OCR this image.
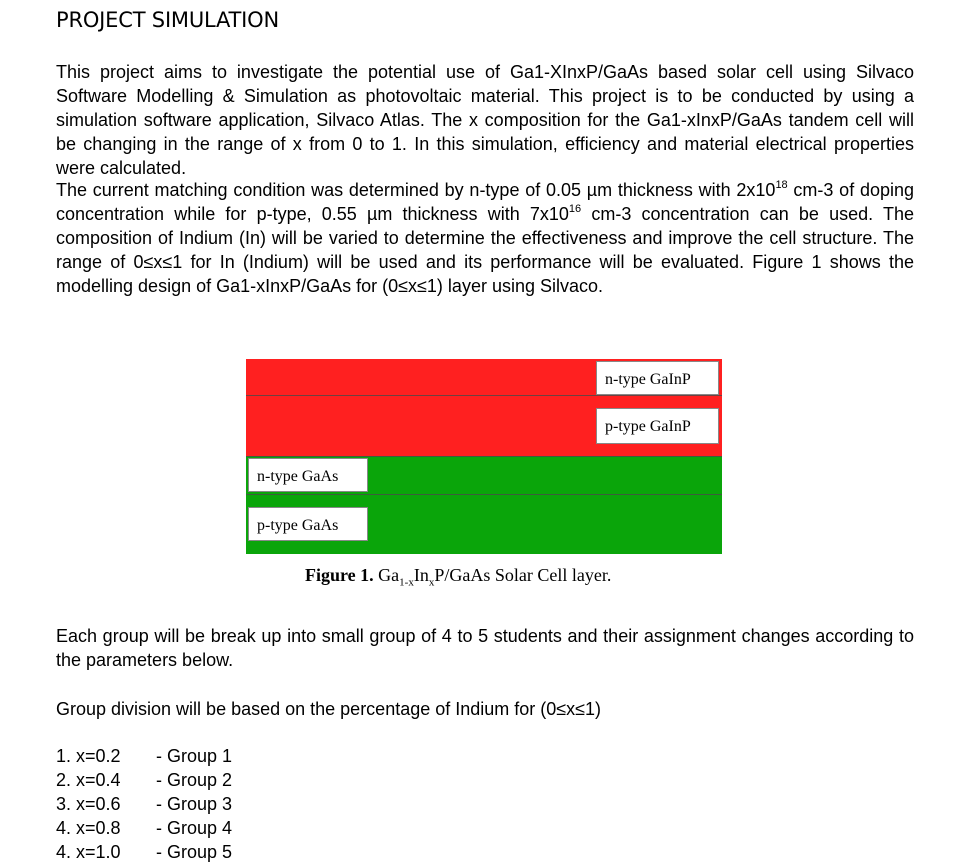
PROJECT SIMULATION

This project aims to investigate the potential use of Ga1-XInxP/GaAs based solar cell using Silvaco Software Modelling & Simulation as photovoltaic material. This project is to be conducted by using a simulation software application, Silvaco Atlas. The x composition for the Ga1-xInxP/GaAs tandem cell will be changing in the range of x from 0 to 1. In this simulation, efficiency and material electrical properties were calculated.

The current matching condition was determined by n-type of 0.05 µm thickness with $2x10^{18}$ cm-3 of doping concentration while for p-type, 0.55 µm thickness with $7x10^{16}$ cm-3 concentration can be used. The composition of Indium (In) will be varied to determine the effectiveness and improve the cell structure. The range of 0≤x≤1 for In (Indium) will be used and its performance will be evaluated. Figure 1 shows the modelling design of Ga1-xInxP/GaAs for (0≤x≤1) layer using Silvaco.

n-type GaInP
p-type GaInP
n-type GaAs
p-type GaAs
Figure 1. $Ga_{1-x}In_xP$/GaAs Solar Cell layer.

Each group will be break up into small group of 4 to 5 students and their assignment changes according to the parameters below.

Group division will be based on the percentage of Indium for (0≤x≤1)

1. x=0.2	- Group 1
2. x=0.4	- Group 2
3. x=0.6	- Group 3
4. x=0.8	- Group 4
4. x=1.0	- Group 5
